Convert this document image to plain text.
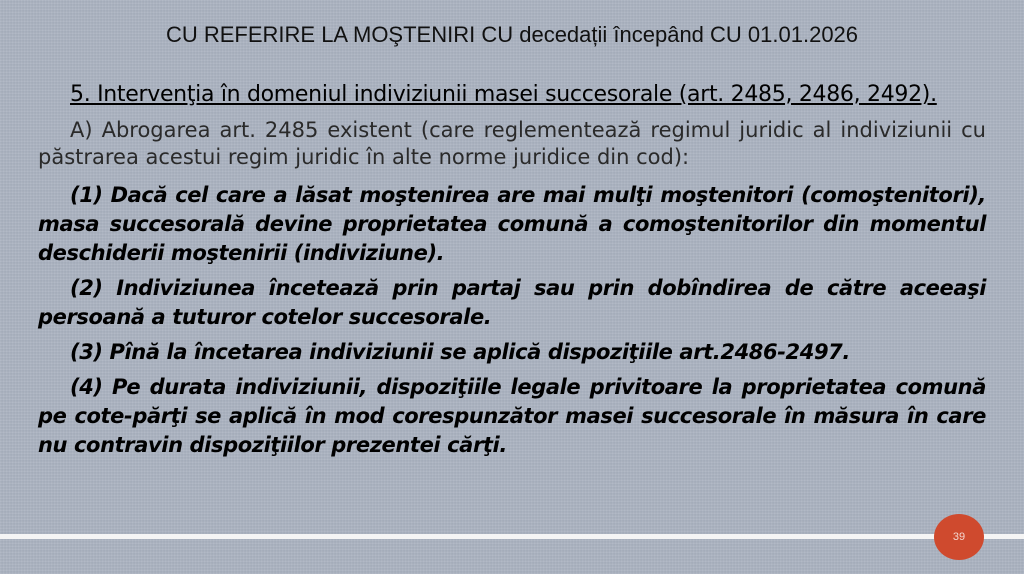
CU REFERIRE LA MOŞTENIRI CU decedații începând CU 01.01.2026

5. Intervenţia în domeniul indiviziunii masei succesorale (art. 2485, 2486, 2492).

A) Abrogarea art. 2485 existent (care reglementează regimul juridic al indiviziunii cu păstrarea acestui regim juridic în alte norme juridice din cod):

(1) Dacă cel care a lăsat moştenirea are mai mulţi moştenitori (comoştenitori), masa succesorală devine proprietatea comună a comoştenitorilor din momentul deschiderii moştenirii (indiviziune).

(2) Indiviziunea încetează prin partaj sau prin dobîndirea de către aceeaşi persoană a tuturor cotelor succesorale.

(3) Pînă la încetarea indiviziunii se aplică dispoziţiile art.2486-2497.

(4) Pe durata indiviziunii, dispoziţiile legale privitoare la proprietatea comună pe cote-părţi se aplică în mod corespunzător masei succesorale în măsura în care nu contravin dispoziţiilor prezentei cărţi.

39
